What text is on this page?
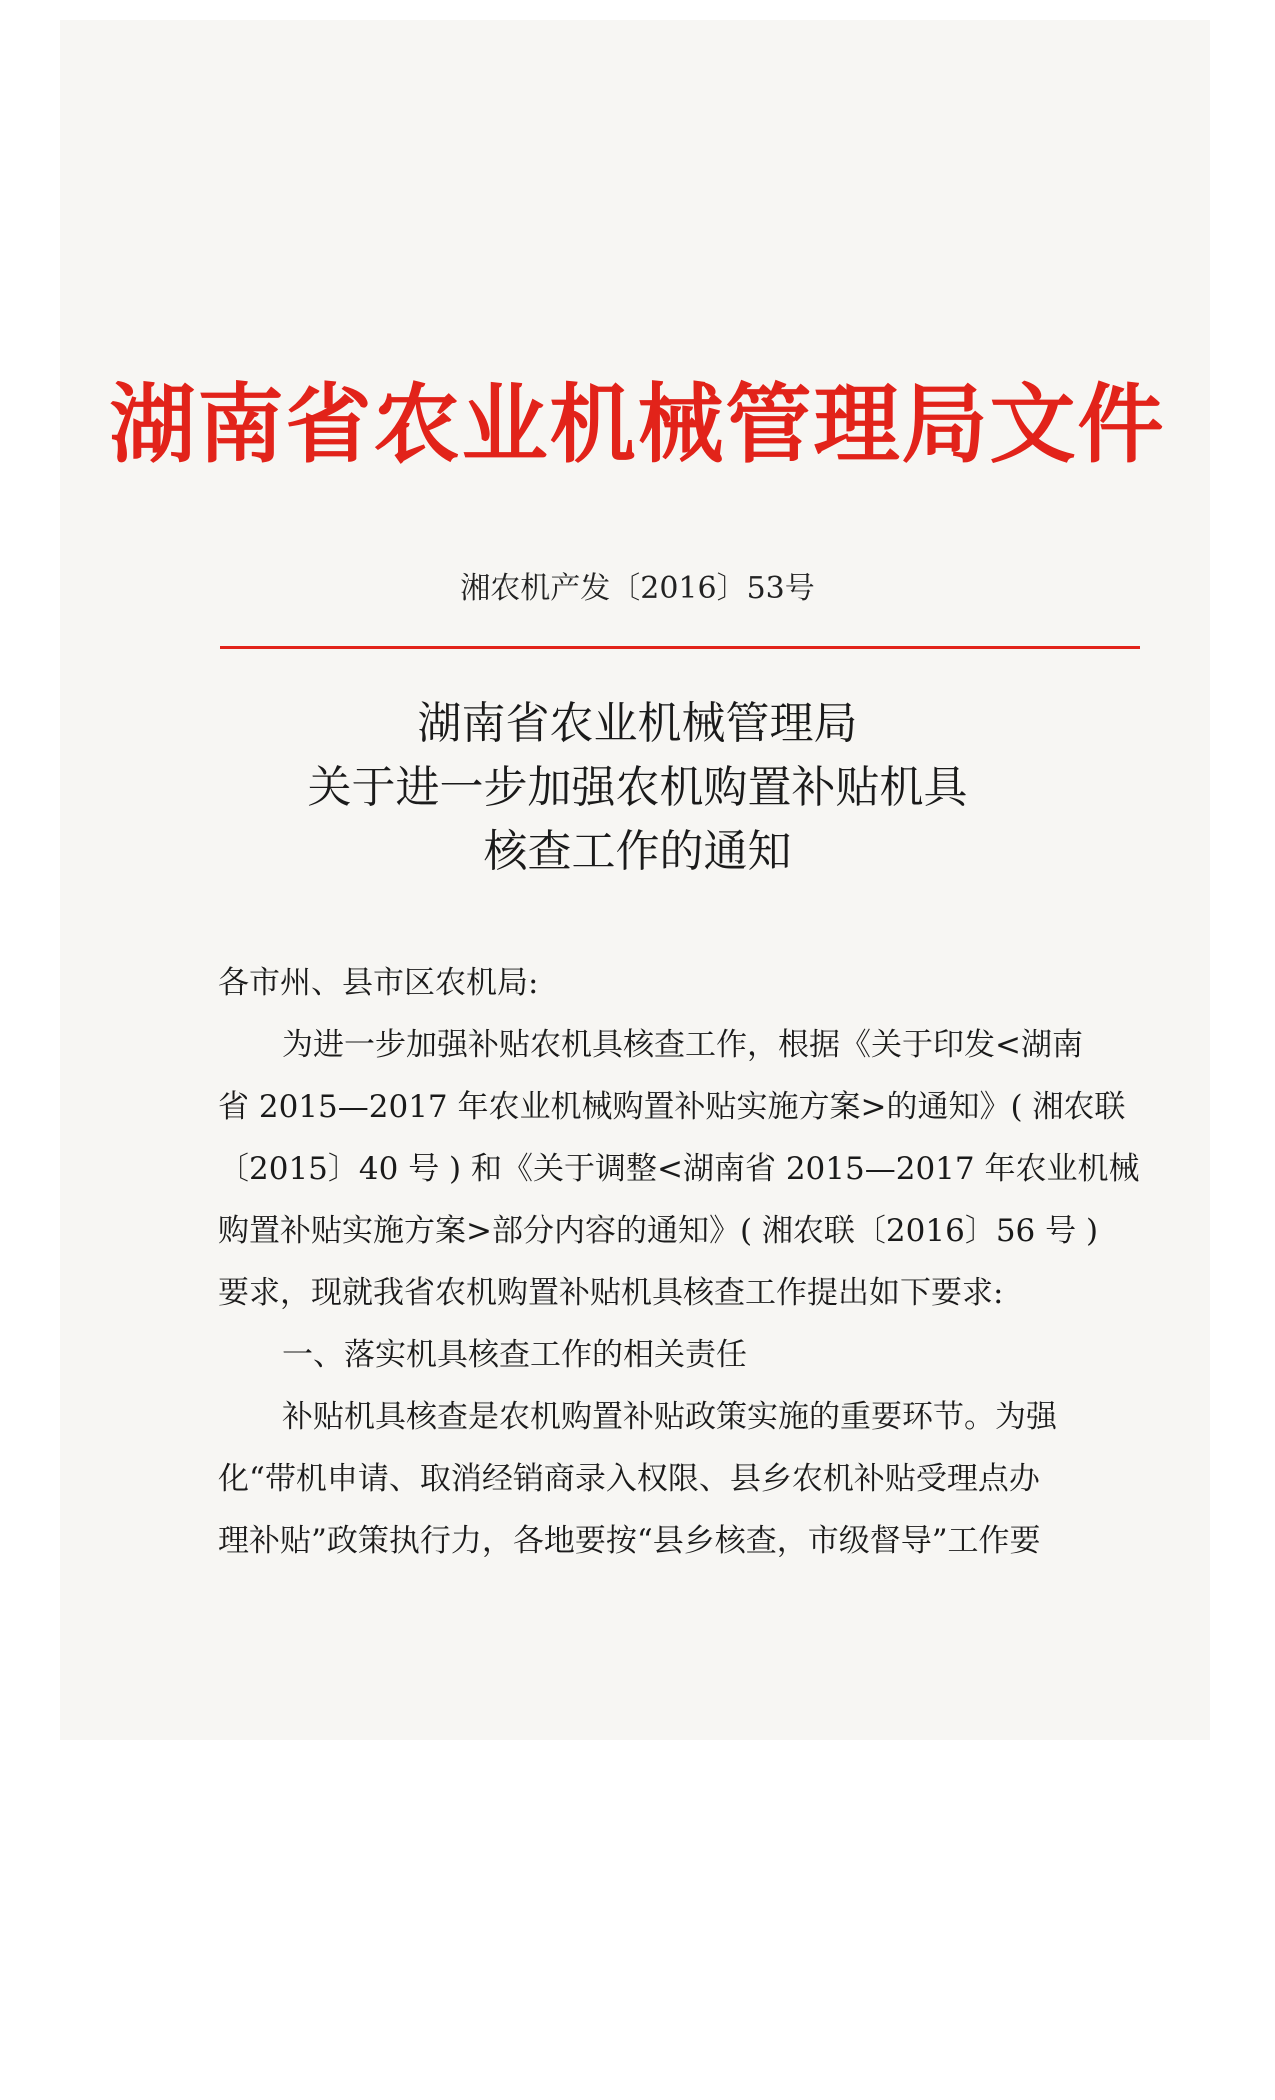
湖南省农业机械管理局文件
湘农机产发〔2016〕53号
湖南省农业机械管理局
关于进一步加强农机购置补贴机具
核查工作的通知

各市州、县市区农机局:

为进一步加强补贴农机具核查工作，根据《关于印发<湖南

省 2015—2017 年农业机械购置补贴实施方案>的通知》( 湘农联

〔2015〕40 号 ) 和《关于调整<湖南省 2015—2017 年农业机械

购置补贴实施方案>部分内容的通知》( 湘农联〔2016〕56 号 )

要求，现就我省农机购置补贴机具核查工作提出如下要求:

一、落实机具核查工作的相关责任

补贴机具核查是农机购置补贴政策实施的重要环节。为强

化“带机申请、取消经销商录入权限、县乡农机补贴受理点办

理补贴”政策执行力，各地要按“县乡核查，市级督导”工作要
